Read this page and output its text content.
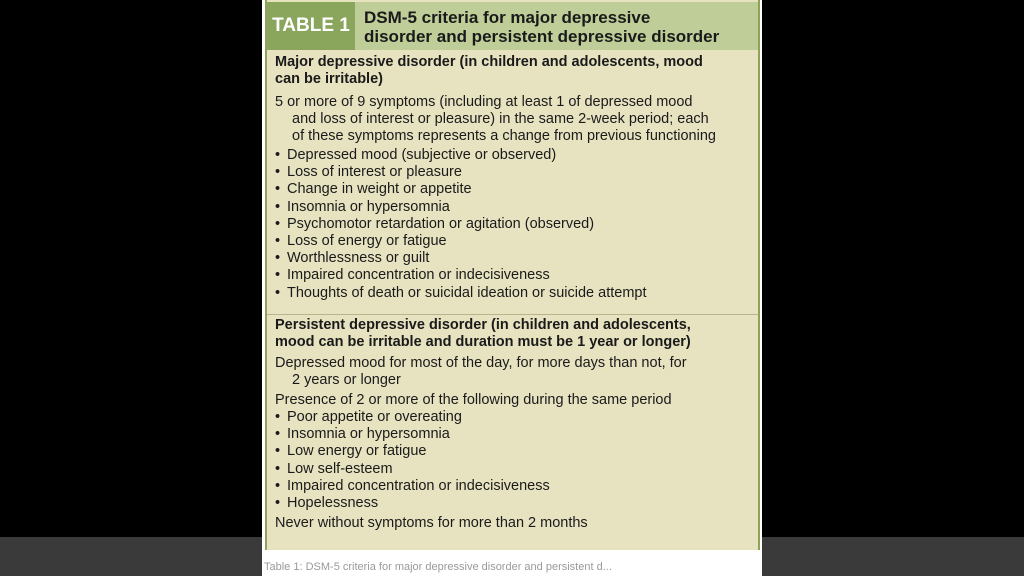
TABLE 1 DSM-5 criteria for major depressive
disorder and persistent depressive disorder
Major depressive disorder (in children and adolescents, mood
can be irritable)
5 or more of 9 symptoms (including at least 1 of depressed mood
and loss of interest or pleasure) in the same 2-week period; each
of these symptoms represents a change from previous functioning
• Depressed mood (subjective or observed)
• Loss of interest or pleasure
• Change in weight or appetite
• Insomnia or hypersomnia
• Psychomotor retardation or agitation (observed)
• Loss of energy or fatigue
• Worthlessness or guilt
• Impaired concentration or indecisiveness
• Thoughts of death or suicidal ideation or suicide attempt
Persistent depressive disorder (in children and adolescents,
mood can be irritable and duration must be 1 year or longer)
Depressed mood for most of the day, for more days than not, for
2 years or longer
Presence of 2 or more of the following during the same period
• Poor appetite or overeating
• Insomnia or hypersomnia
• Low energy or fatigue
• Low self-esteem
• Impaired concentration or indecisiveness
• Hopelessness
Never without symptoms for more than 2 months
Table 1: DSM-5 criteria for major depressive disorder and persistent d...
